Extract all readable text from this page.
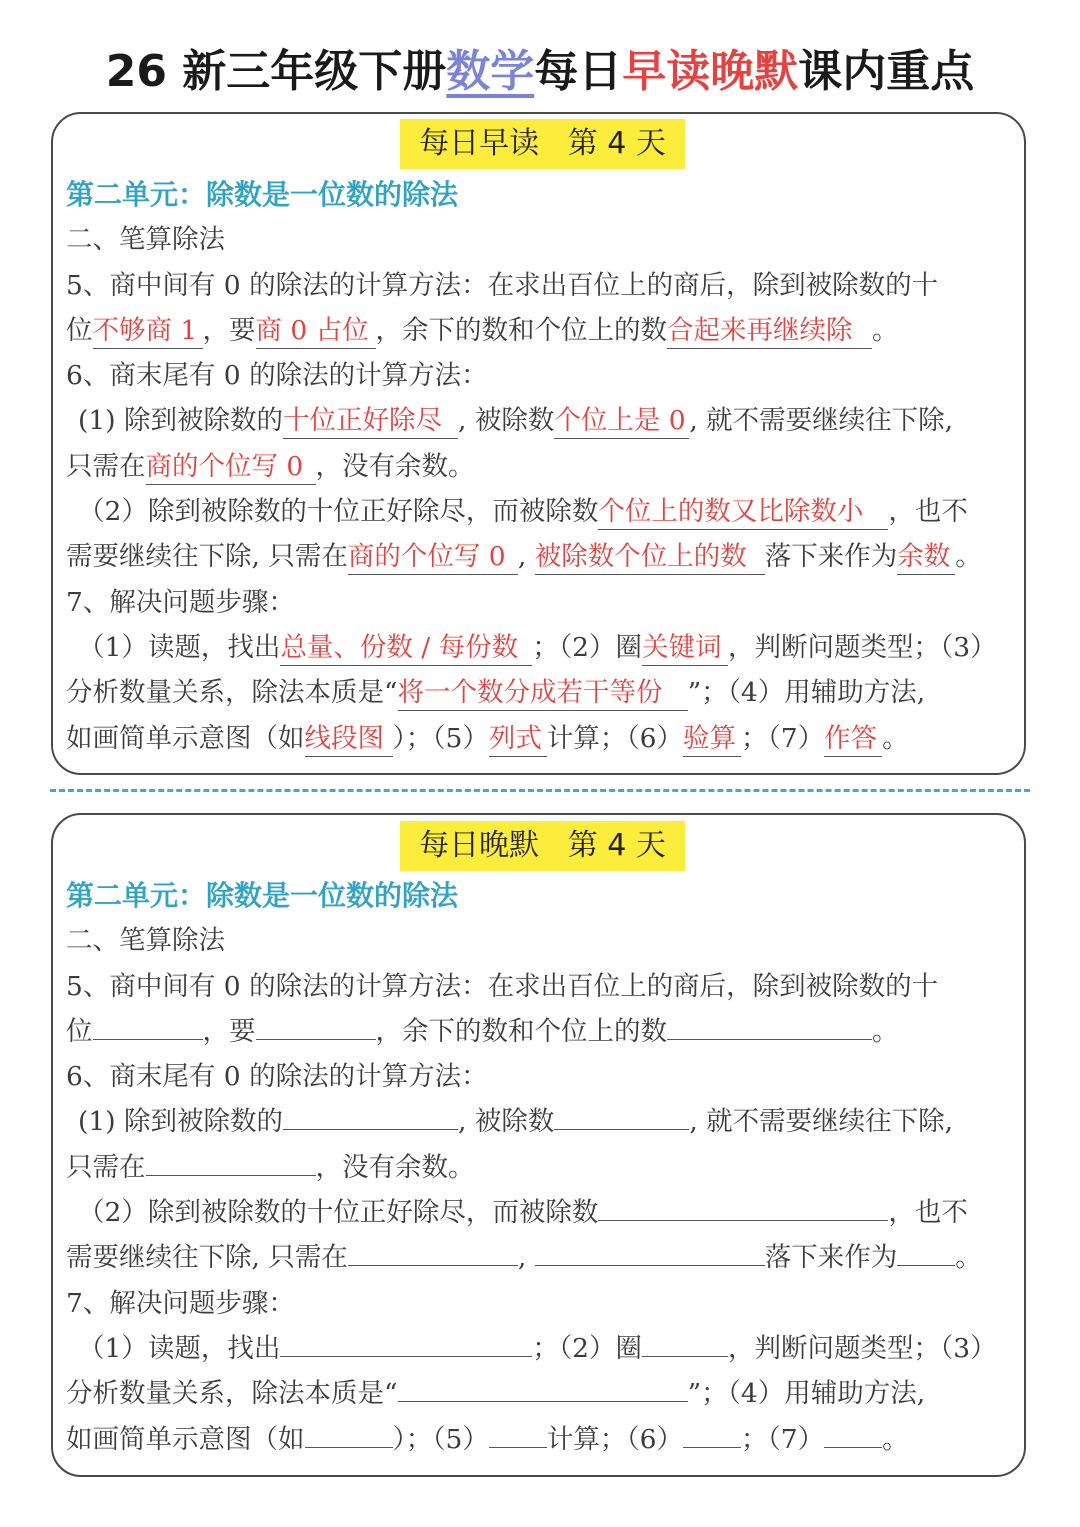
26 新三年级下册数学每日早读晚默课内重点
每日早读   第 4 天
第二单元：除数是一位数的除法
二、笔算除法
5、商中间有 0 的除法的计算方法：在求出百位上的商后，除到被除数的十
位不够商 1 ，要商 0 占位 ，余下的数和个位上的数合起来再继续除 。
6、商末尾有 0 的除法的计算方法：
(1) 除到被除数的十位正好除尽 , 被除数个位上是 0 , 就不需要继续往下除,
只需在商的个位写 0 ，没有余数。
（2）除到被除数的十位正好除尽，而被除数个位上的数又比除数小 ，也不
需要继续往下除, 只需在商的个位写 0 , 被除数个位上的数 落下来作为余数 。
7、解决问题步骤：
（1）读题，找出总量、份数 / 每份数 ；（2）圈关键词 ，判断问题类型；（3）
分析数量关系，除法本质是“将一个数分成若干等份 ”；（4）用辅助方法,
如画简单示意图（如线段图 ）；（5）列式 计算；（6）验算 ；（7）作答 。
每日晚默   第 4 天
第二单元：除数是一位数的除法
二、笔算除法
5、商中间有 0 的除法的计算方法：在求出百位上的商后，除到被除数的十
位	，要	，余下的数和个位上的数	。
6、商末尾有 0 的除法的计算方法：
(1) 除到被除数的	, 被除数	, 就不需要继续往下除,
只需在	，没有余数。
（2）除到被除数的十位正好除尽，而被除数	，也不
需要继续往下除, 只需在	,	落下来作为 。
7、解决问题步骤：
（1）读题，找出	；（2）圈	，判断问题类型；（3）
分析数量关系，除法本质是“	”；（4）用辅助方法,
如画简单示意图（如	）；（5） 计算；（6） ；（7） 。
